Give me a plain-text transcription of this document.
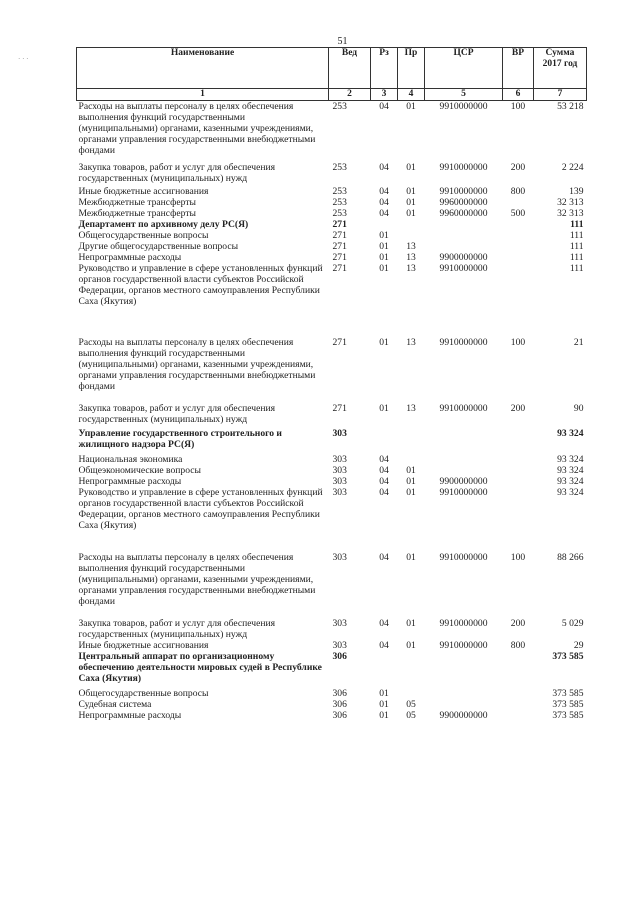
51
· · ·
Наименование	Вед	Рз	Пр	ЦСР	ВР	Сумма 2017 год
1	2	3	4	5	6	7
Расходы на выплаты персоналу в целях обеспечения выполнения функций государственными (муниципальными) органами, казенными учреждениями, органами управления государственными внебюджетными фондами	253	04	01	9910000000	100	53 218
Закупка товаров, работ и услуг для обеспечения государственных (муниципальных) нужд	253	04	01	9910000000	200	2 224
Иные бюджетные ассигнования	253	04	01	9910000000	800	139
Межбюджетные трансферты	253	04	01	9960000000		32 313
Межбюджетные трансферты	253	04	01	9960000000	500	32 313
Департамент по архивному делу РС(Я)	271					111
Общегосударственные вопросы	271	01				111
Другие общегосударственные вопросы	271	01	13			111
Непрограммные расходы	271	01	13	9900000000		111
Руководство и управление в сфере установленных функций органов государственной власти субъектов Российской Федерации, органов местного самоуправления Республики Саха (Якутия)	271	01	13	9910000000		111
Расходы на выплаты персоналу в целях обеспечения выполнения функций государственными (муниципальными) органами, казенными учреждениями, органами управления государственными внебюджетными фондами	271	01	13	9910000000	100	21
Закупка товаров, работ и услуг для обеспечения государственных (муниципальных) нужд	271	01	13	9910000000	200	90
Управление государственного строительного и жилищного надзора РС(Я)	303					93 324
Национальная экономика	303	04				93 324
Общеэкономические вопросы	303	04	01			93 324
Непрограммные расходы	303	04	01	9900000000		93 324
Руководство и управление в сфере установленных функций органов государственной власти субъектов Российской Федерации, органов местного самоуправления Республики Саха (Якутия)	303	04	01	9910000000		93 324
Расходы на выплаты персоналу в целях обеспечения выполнения функций государственными (муниципальными) органами, казенными учреждениями, органами управления государственными внебюджетными фондами	303	04	01	9910000000	100	88 266
Закупка товаров, работ и услуг для обеспечения государственных (муниципальных) нужд	303	04	01	9910000000	200	5 029
Иные бюджетные ассигнования	303	04	01	9910000000	800	29
Центральный аппарат по организационному обеспечению деятельности мировых судей в Республике Саха (Якутия)	306					373 585
Общегосударственные вопросы	306	01				373 585
Судебная система	306	01	05			373 585
Непрограммные расходы	306	01	05	9900000000		373 585
